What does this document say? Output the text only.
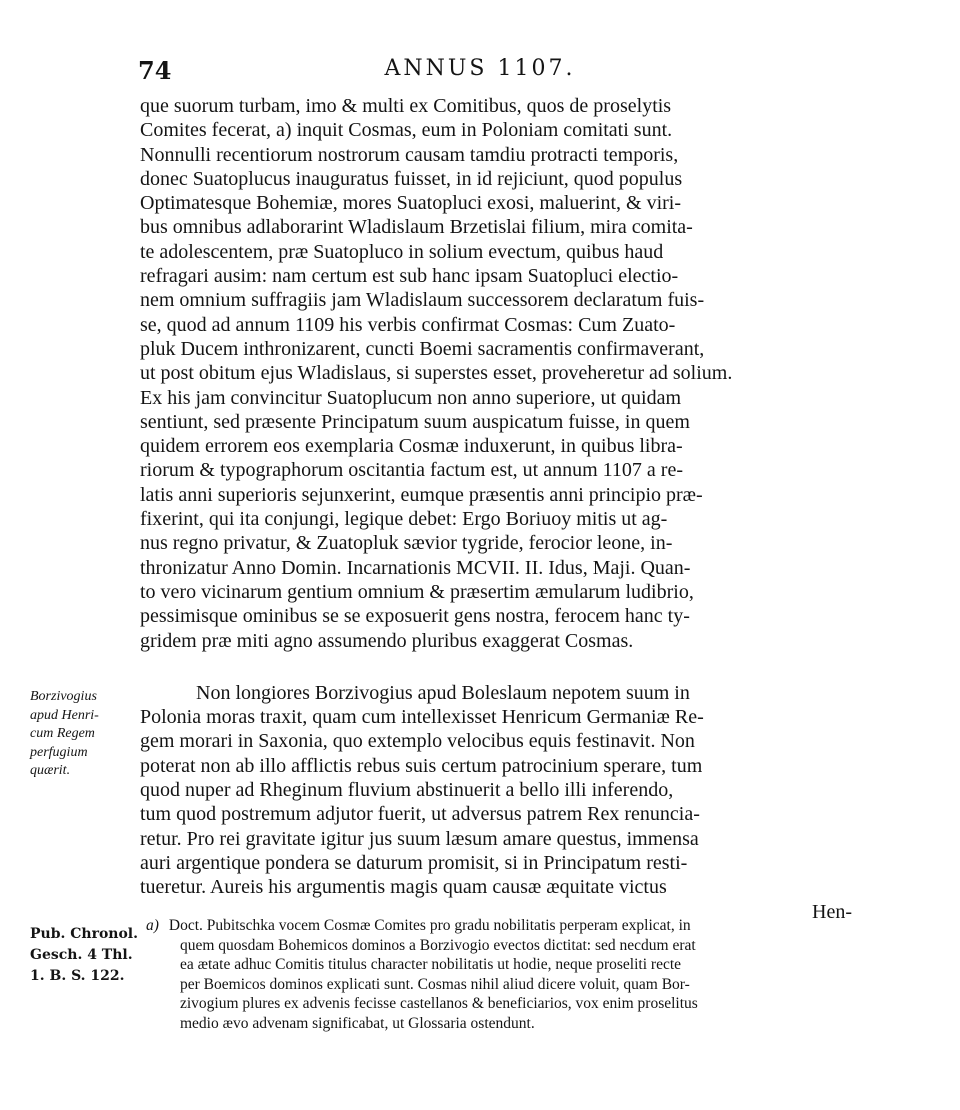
74	ANNUS 1107.
que suorum turbam, imo & multi ex Comitibus, quos de proselytis
Comites fecerat, a) inquit Cosmas, eum in Poloniam comitati sunt.
Nonnulli recentiorum nostrorum causam tamdiu protracti temporis,
donec Suatoplucus inauguratus fuisset, in id rejiciunt, quod populus
Optimatesque Bohemiæ, mores Suatopluci exosi, maluerint, & viri-
bus omnibus adlaborarint Wladislaum Brzetislai filium, mira comita-
te adolescentem, præ Suatopluco in solium evectum, quibus haud
refragari ausim: nam certum est sub hanc ipsam Suatopluci electio-
nem omnium suffragiis jam Wladislaum successorem declaratum fuis-
se, quod ad annum 1109 his verbis confirmat Cosmas: Cum Zuato-
pluk Ducem inthronizarent, cuncti Boemi sacramentis confirmaverant,
ut post obitum ejus Wladislaus, si superstes esset, proveheretur ad solium.
Ex his jam convincitur Suatoplucum non anno superiore, ut quidam
sentiunt, sed præsente Principatum suum auspicatum fuisse, in quem
quidem errorem eos exemplaria Cosmæ induxerunt, in quibus libra-
riorum & typographorum oscitantia factum est, ut annum 1107 a re-
latis anni superioris sejunxerint, eumque præsentis anni principio præ-
fixerint, qui ita conjungi, legique debet: Ergo Boriuoy mitis ut ag-
nus regno privatur, & Zuatopluk sævior tygride, ferocior leone, in-
thronizatur Anno Domin. Incarnationis MCVII. II. Idus, Maji. Quan-
to vero vicinarum gentium omnium & præsertim æmularum ludibrio,
pessimisque ominibus se se exposuerit gens nostra, ferocem hanc ty-
gridem præ miti agno assumendo pluribus exaggerat Cosmas.
Non longiores Borzivogius apud Boleslaum nepotem suum in
Polonia moras traxit, quam cum intellexisset Henricum Germaniæ Re-
gem morari in Saxonia, quo extemplo velocibus equis festinavit. Non
poterat non ab illo afflictis rebus suis certum patrocinium sperare, tum
quod nuper ad Rheginum fluvium abstinuerit a bello illi inferendo,
tum quod postremum adjutor fuerit, ut adversus patrem Rex renuncia-
retur. Pro rei gravitate igitur jus suum læsum amare questus, immensa
auri argentique pondera se daturum promisit, si in Principatum resti-
tueretur. Aureis his argumentis magis quam causæ æquitate victus
Hen-
Borzivogius
apud Henri-
cum Regem
perfugium
quærit.
Pub. Chronol.
Gesch. 4 Thl.
1. B. S. 122.
a) Doct. Pubitschka vocem Cosmæ Comites pro gradu nobilitatis perperam explicat, in
quem quosdam Bohemicos dominos a Borzivogio evectos dictitat: sed necdum erat
ea ætate adhuc Comitis titulus character nobilitatis ut hodie, neque proseliti recte
per Boemicos dominos explicati sunt. Cosmas nihil aliud dicere voluit, quam Bor-
zivogium plures ex advenis fecisse castellanos & beneficiarios, vox enim proselitus
medio ævo advenam significabat, ut Glossaria ostendunt.
